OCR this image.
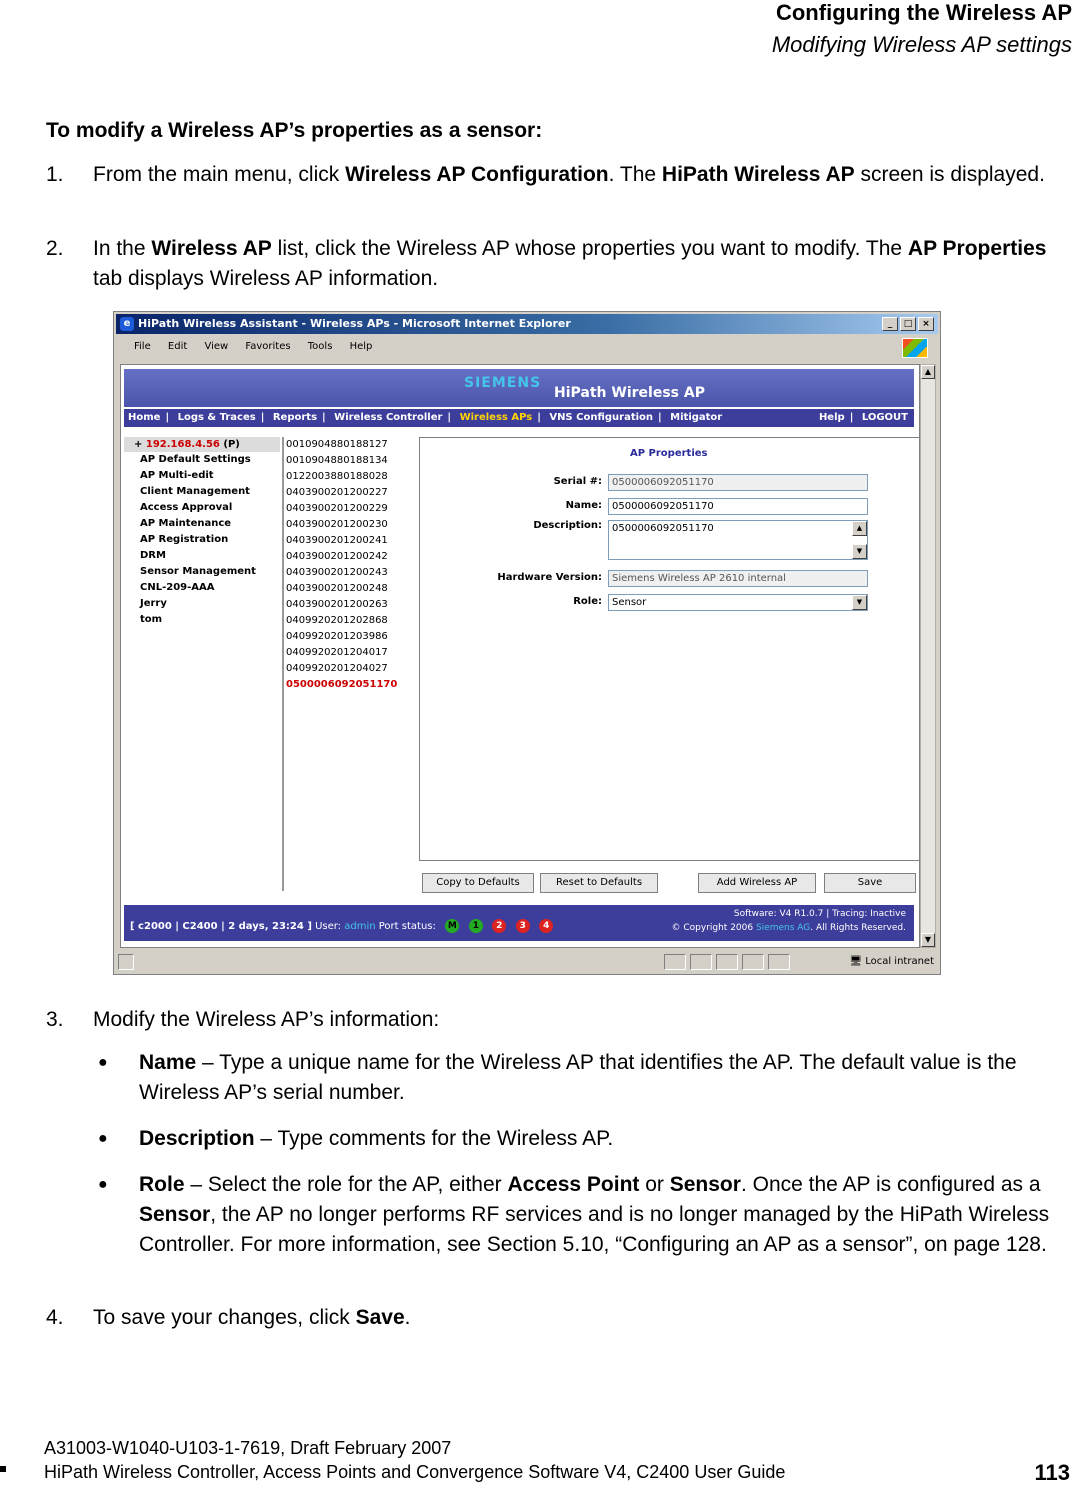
Configuring the Wireless AP
Modifying Wireless AP settings
To modify a Wireless AP’s properties as a sensor:
1. From the main menu, click Wireless AP Configuration. The HiPath Wireless AP screen is displayed.
2. In the Wireless AP list, click the Wireless AP whose properties you want to modify. The AP Properties tab displays Wireless AP information.
e HiPath Wireless Assistant - Wireless APs - Microsoft Internet Explorer	_	□	×
File Edit View Favorites Tools Help
SIEMENS
HiPath Wireless AP
Home | Logs & Traces | Reports | Wireless Controller | Wireless APs | VNS Configuration | Mitigator	Help | LOGOUT
+ 192.168.4.56 (P)
AP Default Settings
AP Multi-edit
Client Management
Access Approval
AP Maintenance
AP Registration
DRM
Sensor Management
CNL-209-AAA
Jerry
tom
0010904880188127
0010904880188134
0122003880188028
0403900201200227
0403900201200229
0403900201200230
0403900201200241
0403900201200242
0403900201200243
0403900201200248
0403900201200263
0409920201202868
0409920201203986
0409920201204017
0409920201204027
0500006092051170
AP Properties
Serial #:	0500006092051170
Name:	0500006092051170
Description:	0500006092051170	▲
▼
Hardware Version:	Siemens Wireless AP 2610 internal
Role:	Sensor	▼
Copy to Defaults	Reset to Defaults	Add Wireless AP	Save
[ c2000 | C2400 | 2 days, 23:24 ] User: admin Port status: M 1 2 3 4
Software: V4 R1.0.7 | Tracing: Inactive
© Copyright 2006 Siemens AG. All Rights Reserved.
▲
▼
🖥 Local intranet
3. Modify the Wireless AP’s information:
● Name – Type a unique name for the Wireless AP that identifies the AP. The default value is the Wireless AP’s serial number.
● Description – Type comments for the Wireless AP.
● Role – Select the role for the AP, either Access Point or Sensor. Once the AP is configured as a Sensor, the AP no longer performs RF services and is no longer managed by the HiPath Wireless Controller. For more information, see Section 5.10, “Configuring an AP as a sensor”, on page 128.
4. To save your changes, click Save.
A31003-W1040-U103-1-7619, Draft February 2007
HiPath Wireless Controller, Access Points and Convergence Software V4, C2400 User Guide	113
